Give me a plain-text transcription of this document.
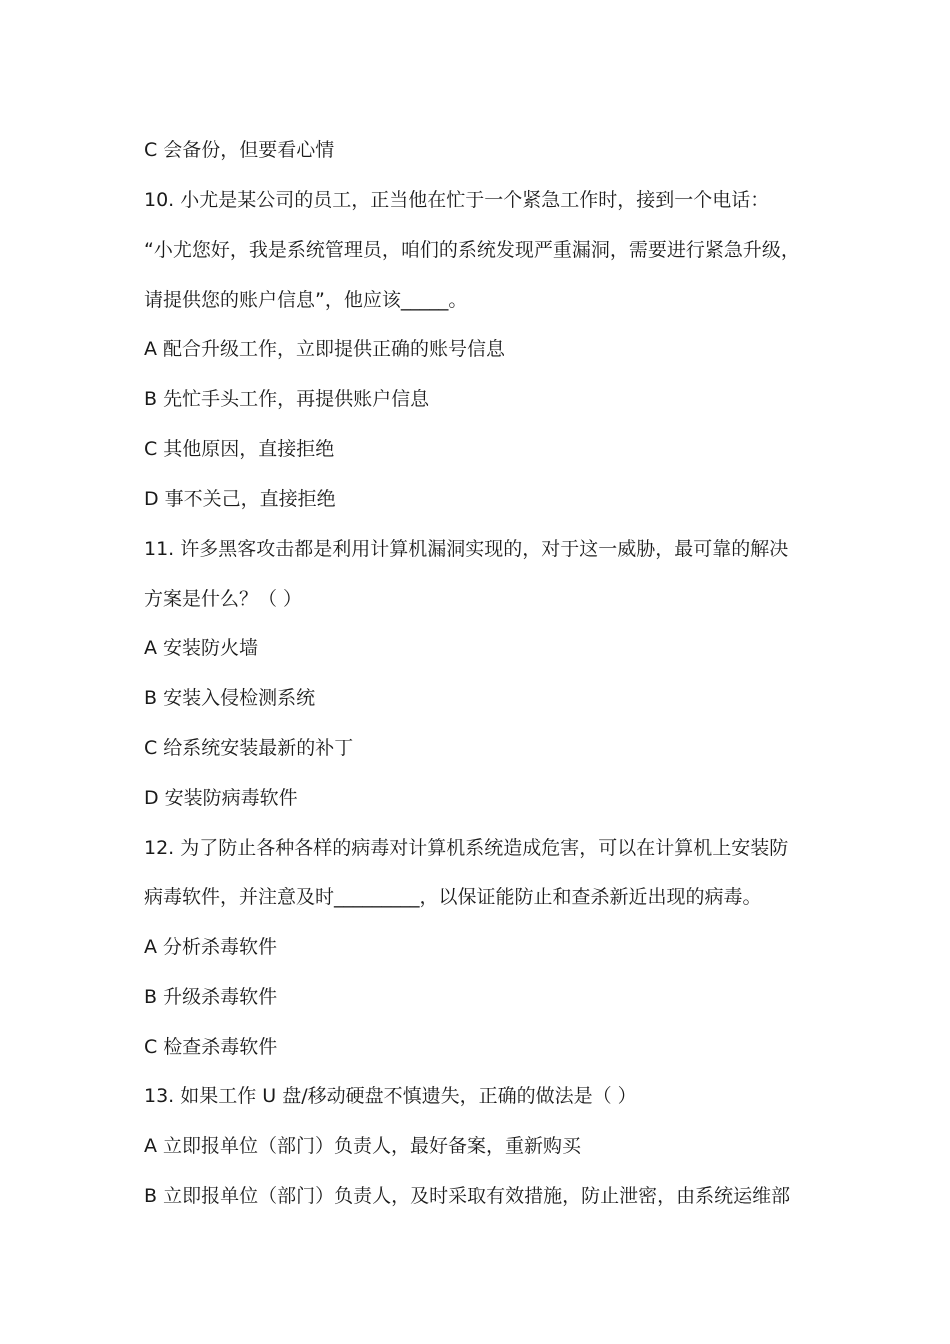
C 会备份，但要看心情
10. 小尤是某公司的员工，正当他在忙于一个紧急工作时，接到一个电话：
“小尤您好，我是系统管理员，咱们的系统发现严重漏洞，需要进行紧急升级，
请提供您的账户信息”，他应该_____。
A 配合升级工作，立即提供正确的账号信息
B 先忙手头工作，再提供账户信息
C 其他原因，直接拒绝
D 事不关己，直接拒绝
11. 许多黑客攻击都是利用计算机漏洞实现的，对于这一威胁，最可靠的解决
方案是什么？（ ）
A 安装防火墙
B 安装入侵检测系统
C 给系统安装最新的补丁
D 安装防病毒软件
12. 为了防止各种各样的病毒对计算机系统造成危害，可以在计算机上安装防
病毒软件，并注意及时_________，以保证能防止和查杀新近出现的病毒。
A 分析杀毒软件
B 升级杀毒软件
C 检查杀毒软件
13. 如果工作 U 盘/移动硬盘不慎遗失，正确的做法是（ ）
A 立即报单位（部门）负责人，最好备案，重新购买
B 立即报单位（部门）负责人，及时采取有效措施，防止泄密，由系统运维部
